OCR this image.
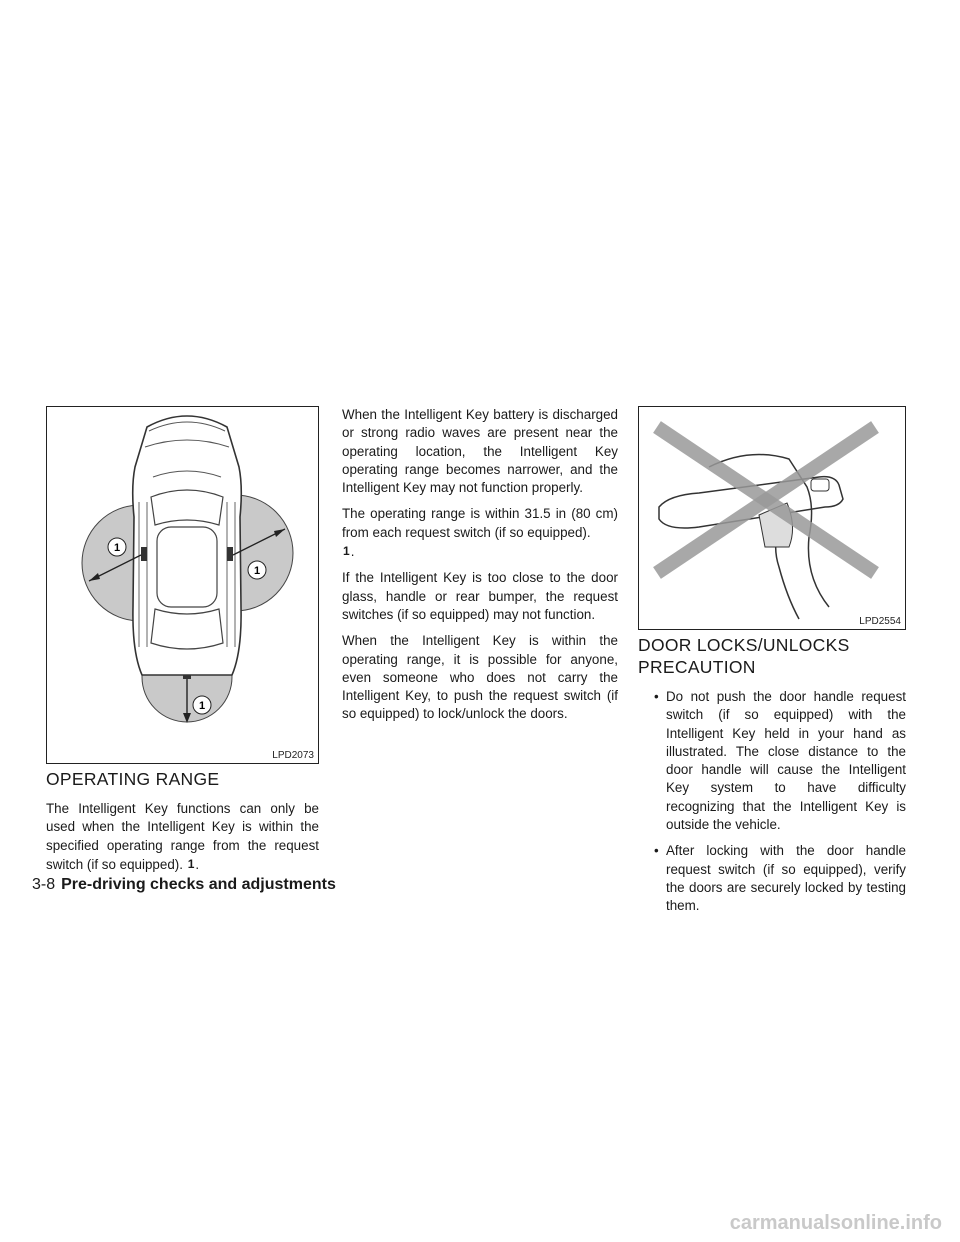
1
1
1
LPD2073
OPERATING RANGE

The Intelligent Key functions can only be used when the Intelligent Key is within the specified operating range from the request switch (if so equipped). 1.

When the Intelligent Key battery is discharged or strong radio waves are present near the operating location, the Intelligent Key operating range becomes narrower, and the Intelligent Key may not function properly.

The operating range is within 31.5 in (80 cm) from each request switch (if so equipped).
1.

If the Intelligent Key is too close to the door glass, handle or rear bumper, the request switches (if so equipped) may not function.

When the Intelligent Key is within the operating range, it is possible for anyone, even someone who does not carry the Intelligent Key, to push the request switch (if so equipped) to lock/unlock the doors.

LPD2554
DOOR LOCKS/UNLOCKS
PRECAUTION
• Do not push the door handle request switch (if so equipped) with the Intelligent Key held in your hand as illustrated. The close distance to the door handle will cause the Intelligent Key system to have difficulty recognizing that the Intelligent Key is outside the vehicle.
• After locking with the door handle request switch (if so equipped), verify the doors are securely locked by testing them.
3-8 Pre-driving checks and adjustments
carmanualsonline.info
